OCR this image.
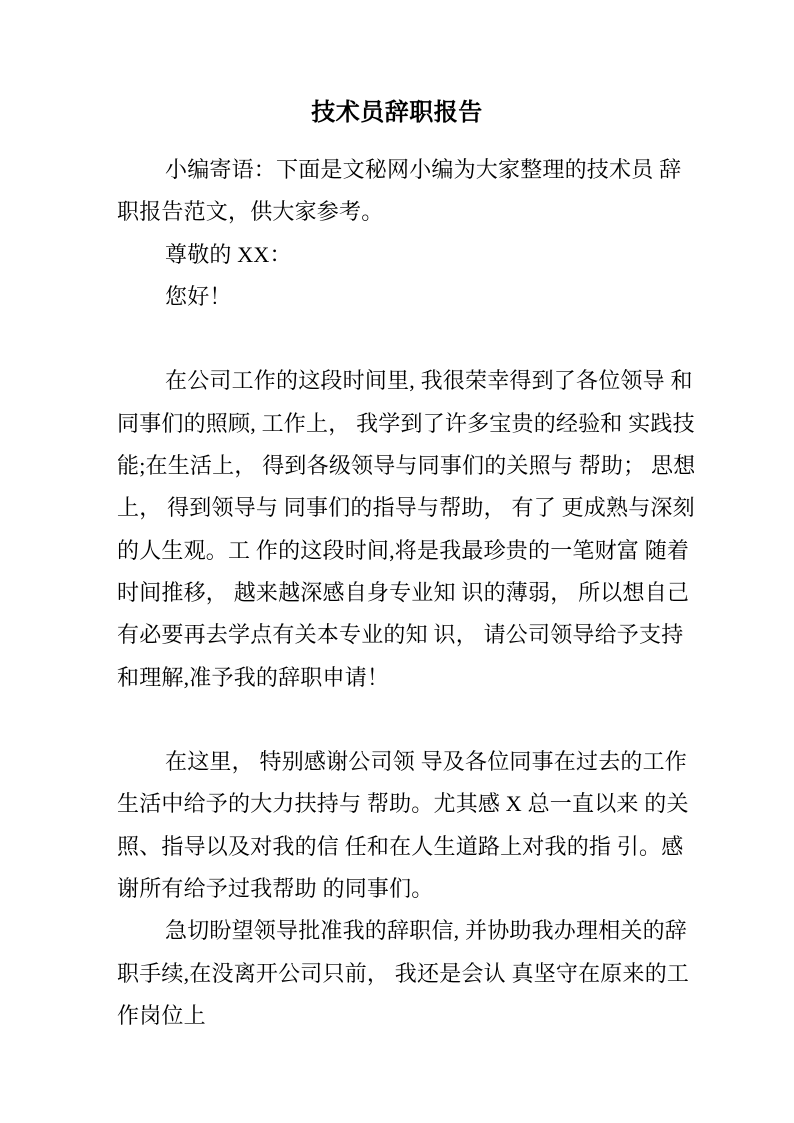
技术员辞职报告
小编寄语：下面是文秘网小编为大家整理的技术员 辞
职报告范文，供大家参考。
尊敬的 XX：
您好！
在公司工作的这段时间里, 我很荣幸得到了各位领导 和
同事们的照顾, 工作上， 我学到了许多宝贵的经验和 实践技
能;在生活上， 得到各级领导与同事们的关照与 帮助； 思想
上， 得到领导与 同事们的指导与帮助， 有了 更成熟与深刻
的人生观。工 作的这段时间,将是我最珍贵的一笔财富 随着
时间推移， 越来越深感自身专业知 识的薄弱， 所以想自己
有必要再去学点有关本专业的知 识， 请公司领导给予支持
和理解,准予我的辞职申请！
在这里， 特别感谢公司领 导及各位同事在过去的工作
生活中给予的大力扶持与 帮助。尤其感 X 总一直以来 的关
照、指导以及对我的信 任和在人生道路上对我的指 引。感
谢所有给予过我帮助 的同事们。
急切盼望领导批准我的辞职信, 并协助我办理相关的辞
职手续,在没离开公司只前， 我还是会认 真坚守在原来的工
作岗位上
